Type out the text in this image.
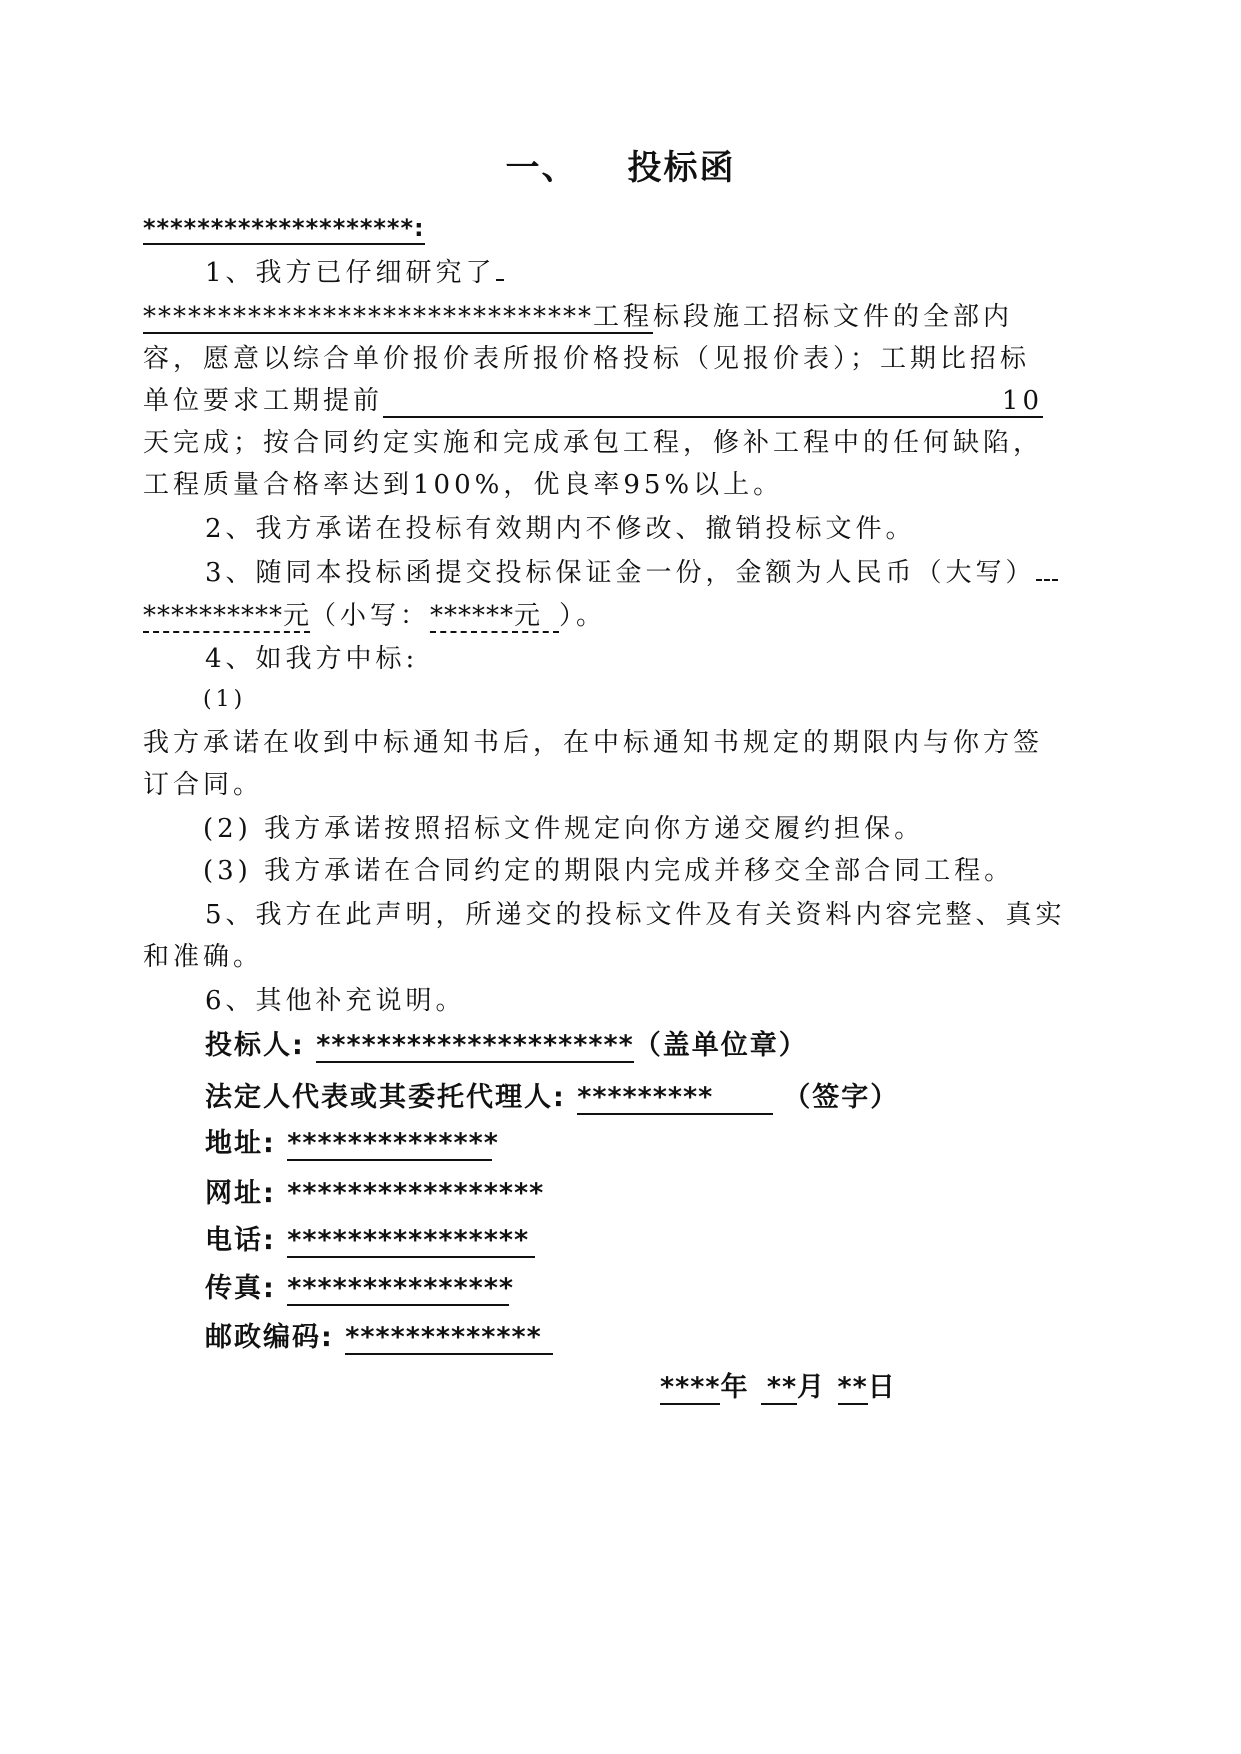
一、 投标函
********************:
1、我方已仔细研究了
******************************工程标段施工招标文件的全部内
容，愿意以综合单价报价表所报价格投标（见报价表）；工期比招标
单位要求工期提前	10
天完成；按合同约定实施和完成承包工程，修补工程中的任何缺陷，
工程质量合格率达到100%，优良率95%以上。
2、我方承诺在投标有效期内不修改、撤销投标文件。
3、随同本投标函提交投标保证金一份，金额为人民币（大写）
**********元（小写：******元 ）。
4、如我方中标:
(1)
我方承诺在收到中标通知书后，在中标通知书规定的期限内与你方签
订合同。
(2) 我方承诺按照招标文件规定向你方递交履约担保。
(3) 我方承诺在合同约定的期限内完成并移交全部合同工程。
5、我方在此声明，所递交的投标文件及有关资料内容完整、真实
和准确。
6、其他补充说明。
投标人: *********************（盖单位章）
法定人代表或其委托代理人: *********	（签字）
地址: **************
网址: *****************
电话: ****************
传真: ***************
邮政编码: *************
****年 **月 **日
